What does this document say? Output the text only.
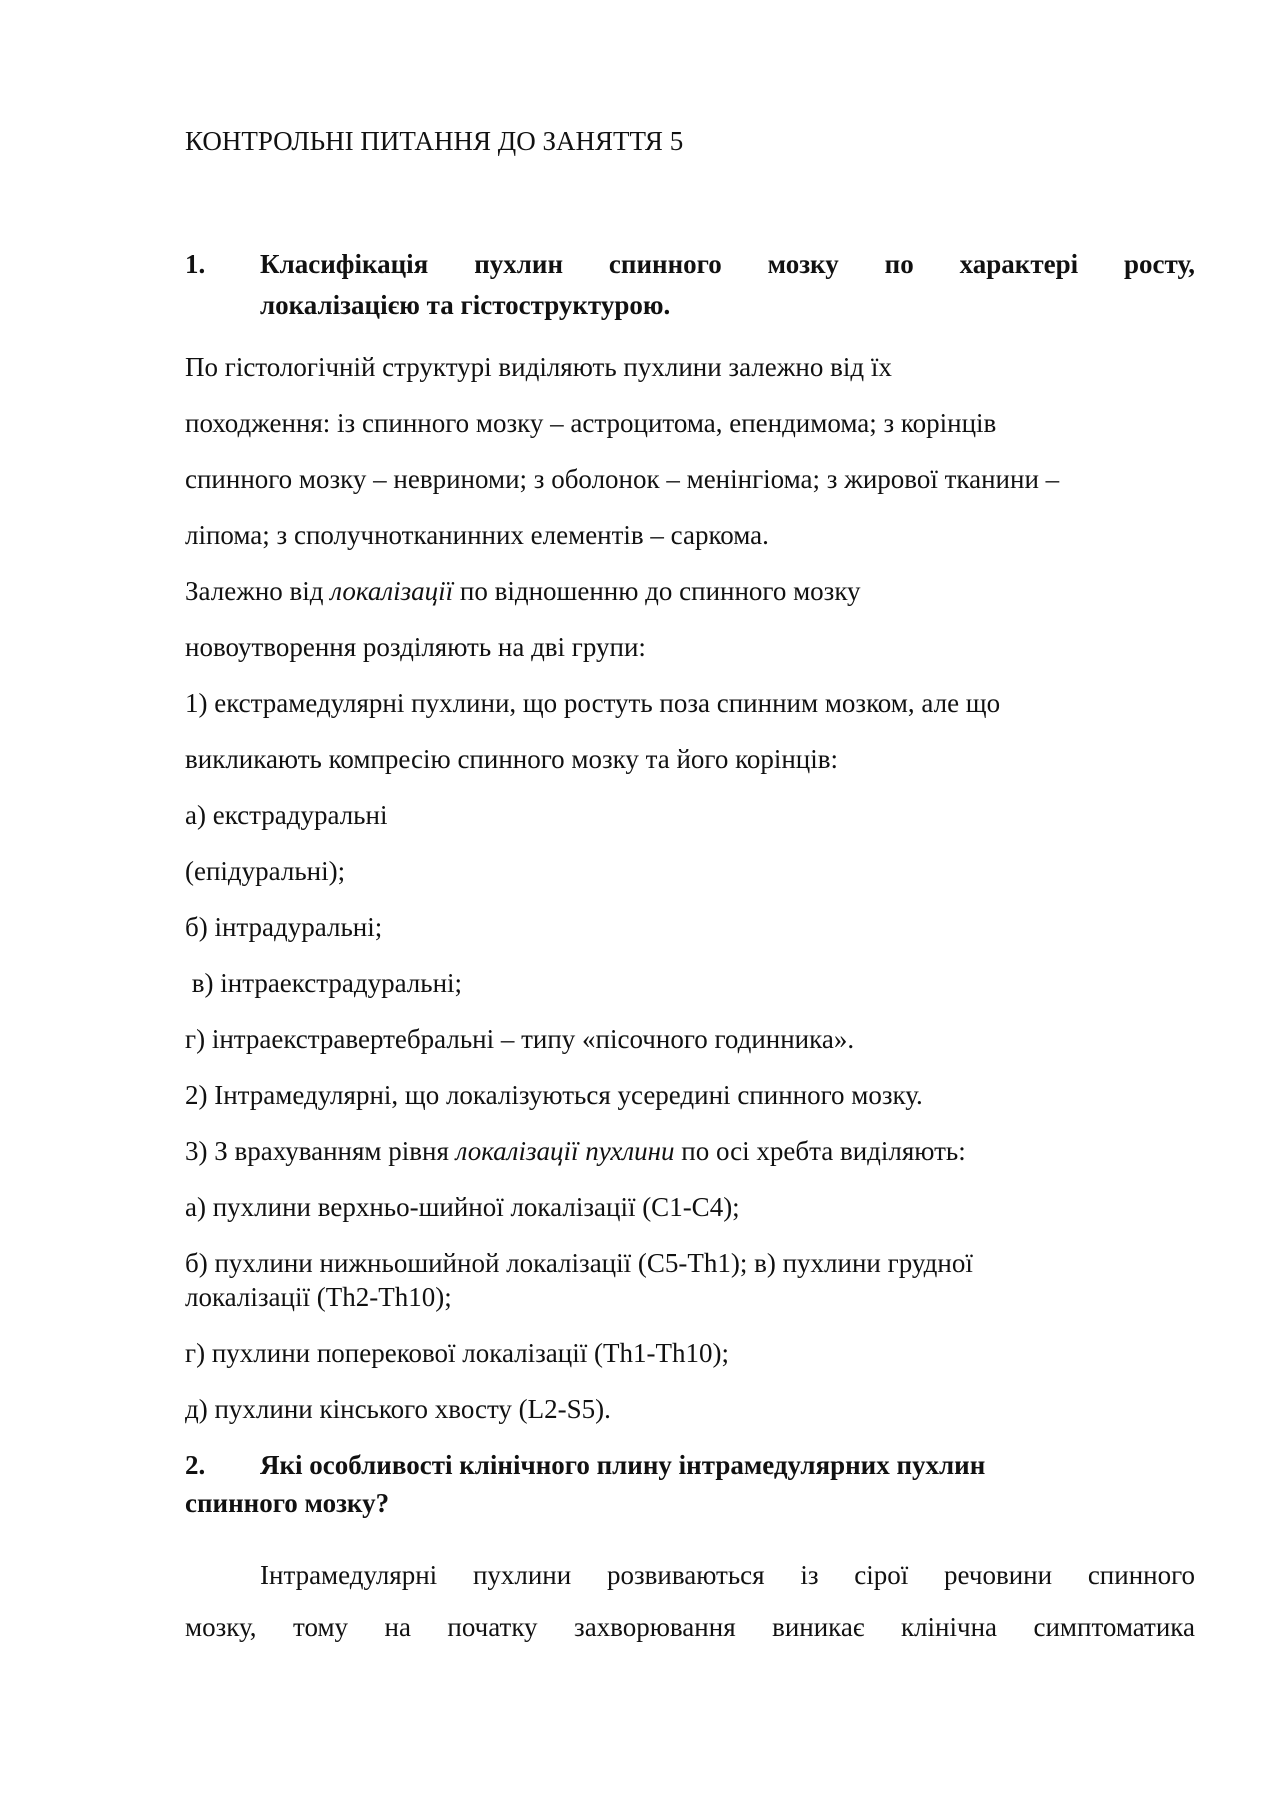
КОНТРОЛЬНІ ПИТАННЯ ДО ЗАНЯТТЯ 5

1. Класифікація пухлин спинного мозку по характері росту,

локалізацією та гістоструктурою.

По гістологічній структурі виділяють пухлини залежно від їх

походження: із спинного мозку – астроцитома, епендимома; з корінців

спинного мозку – невриноми; з оболонок – менінгіома; з жирової тканини –

ліпома; з сполучнотканинних елементів – саркома.

Залежно від локалізації по відношенню до спинного мозку

новоутворення розділяють на дві групи:

1) екстрамедулярні пухлини, що ростуть поза спинним мозком, але що

викликають компресію спинного мозку та його корінців:

а) екстрадуральні

(епідуральні);

б) інтрадуральні;

в) інтраекстрадуральні;

г) інтраекстравертебральні – типу «пісочного годинника».

2) Інтрамедулярні, що локалізуються усередині спинного мозку.

3) З врахуванням рівня локалізації пухлини по осі хребта виділяють:

а) пухлини верхньо-шийної локалізації (C1-C4);

б) пухлини нижньошийной локалізації (C5-Th1); в) пухлини грудної

локалізації (Th2-Th10);

г) пухлини поперекової локалізації (Th1-Th10);

д) пухлини кінського хвосту (L2-S5).

2. Які особливості клінічного плину інтрамедулярних пухлин

спинного мозку?

Інтрамедулярні пухлини розвиваються із сірої речовини спинного

мозку, тому на початку захворювання виникає клінічна симптоматика
